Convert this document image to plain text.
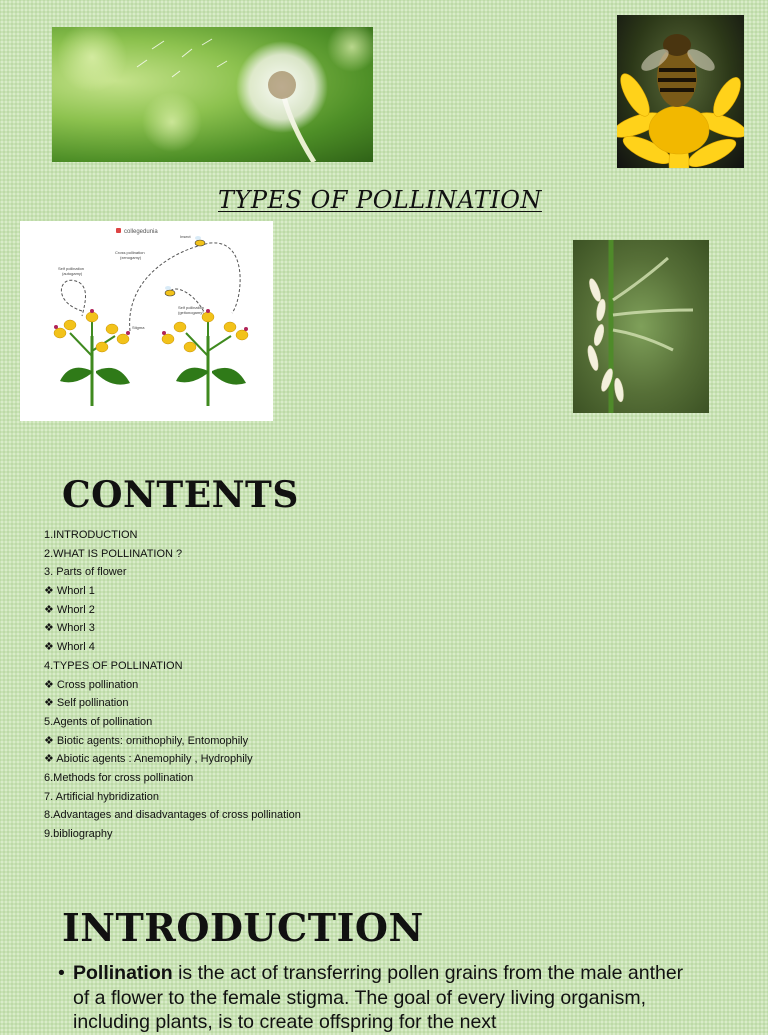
TYPES OF POLLINATION
collegedunia
Insect
Cross pollination
(xenogamy)
Self pollination
(autogamy)
Self pollination
(geitonogamy)
Stigma
CONTENTS
1.INTRODUCTION
2.WHAT IS POLLINATION ?
3. Parts of flower
❖ Whorl 1
❖ Whorl 2
❖ Whorl 3
❖ Whorl 4
4.TYPES OF POLLINATION
❖ Cross pollination
❖ Self pollination
5.Agents of pollination
❖ Biotic agents: ornithophily, Entomophily
❖ Abiotic agents : Anemophily , Hydrophily
6.Methods for cross pollination
7. Artificial hybridization
8.Advantages and disadvantages of cross pollination
9.bibliography
INTRODUCTION
• Pollination is the act of transferring pollen grains from the male anther of a flower to the female stigma. The goal of every living organism, including plants, is to create offspring for the next
